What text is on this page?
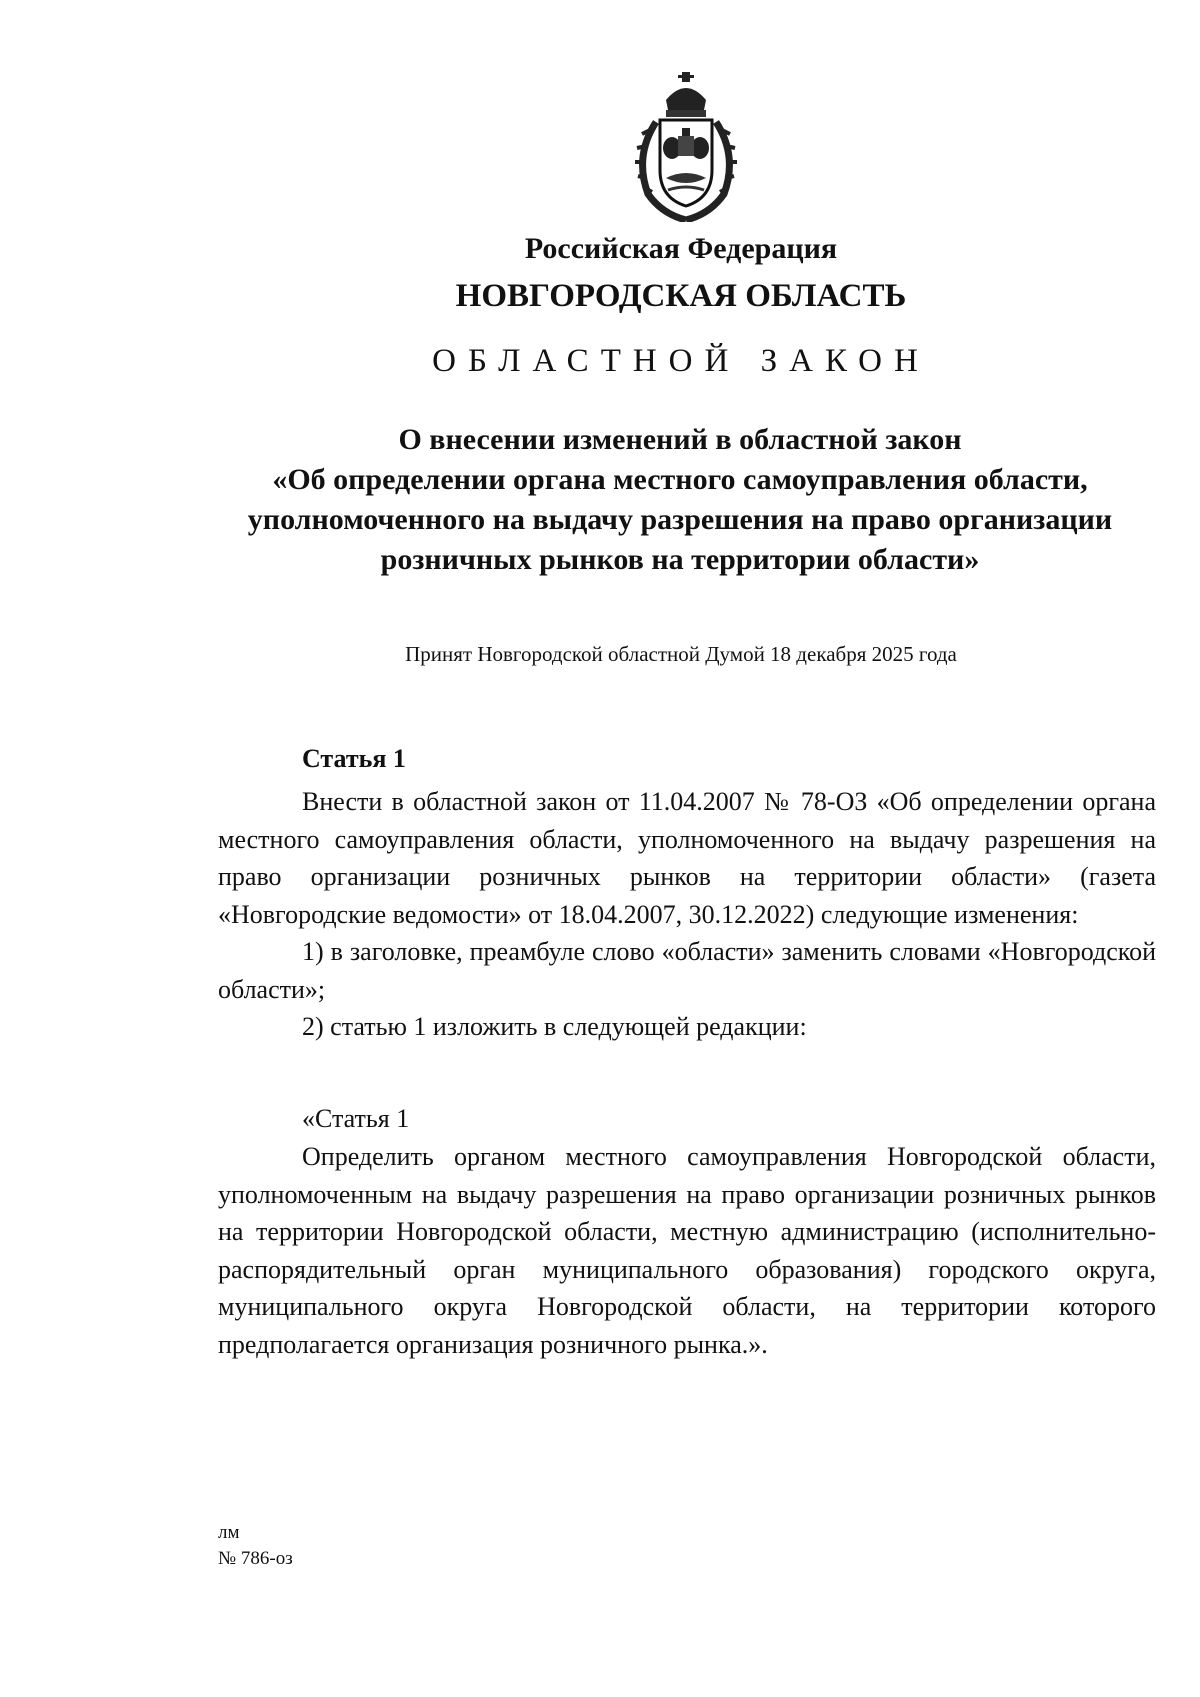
Российская Федерация
НОВГОРОДСКАЯ ОБЛАСТЬ
ОБЛАСТНОЙ ЗАКОН
О внесении изменений в областной закон
«Об определении органа местного самоуправления области,
уполномоченного на выдачу разрешения на право организации
розничных рынков на территории области»
Принят Новгородской областной Думой 18 декабря 2025 года
Статья 1

Внести в областной закон от 11.04.2007 № 78-ОЗ «Об определении органа местного самоуправления области, уполномоченного на выдачу разрешения на право организации розничных рынков на территории области» (газета «Новгородские ведомости» от 18.04.2007, 30.12.2022) следующие изменения:

1) в заголовке, преамбуле слово «области» заменить словами «Новгородской области»;

2) статью 1 изложить в следующей редакции:

«Статья 1

Определить органом местного самоуправления Новгородской области, уполномоченным на выдачу разрешения на право организации розничных рынков на территории Новгородской области, местную администрацию (исполнительно-распорядительный орган муниципального образования) городского округа, муниципального округа Новгородской области, на территории которого предполагается организация розничного рынка.».

лм
№ 786-оз
